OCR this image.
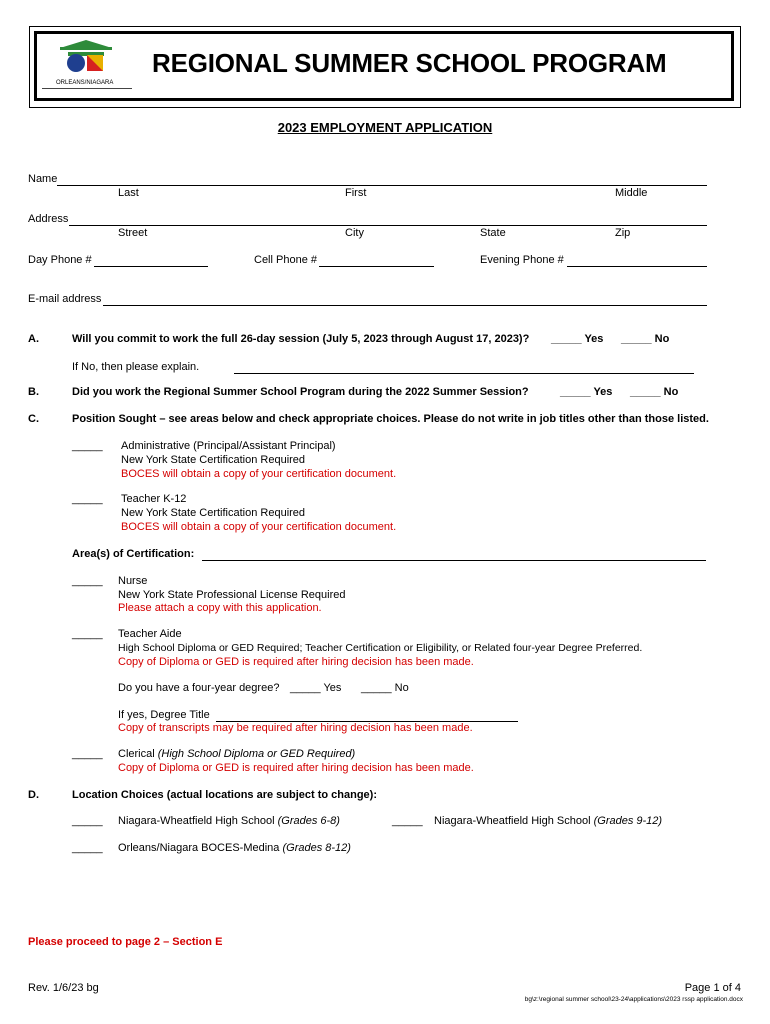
ORLEANS/NIAGARA
REGIONAL SUMMER SCHOOL PROGRAM
2023 EMPLOYMENT APPLICATION
Name
Last	First	Middle
Address
Street	City	State	Zip
Day Phone #	Cell Phone #	Evening Phone #
E-mail address
A.	Will you commit to work the full 26-day session (July 5, 2023 through August 17, 2023)? _____ Yes _____ No
If No, then please explain.
B.	Did you work the Regional Summer School Program during the 2022 Summer Session?	_____ Yes _____ No
C.	Position Sought – see areas below and check appropriate choices. Please do not write in job titles other than those listed.
_____ Administrative (Principal/Assistant Principal)
New York State Certification Required
BOCES will obtain a copy of your certification document.
_____ Teacher K-12
New York State Certification Required
BOCES will obtain a copy of your certification document.
Area(s) of Certification:
_____ Nurse
New York State Professional License Required
Please attach a copy with this application.
_____ Teacher Aide
High School Diploma or GED Required; Teacher Certification or Eligibility, or Related four-year Degree Preferred.
Copy of Diploma or GED is required after hiring decision has been made.
Do you have a four-year degree? _____ Yes _____ No
If yes, Degree Title
Copy of transcripts may be required after hiring decision has been made.
_____ Clerical (High School Diploma or GED Required)
Copy of Diploma or GED is required after hiring decision has been made.
D.	Location Choices (actual locations are subject to change):
_____ Niagara-Wheatfield High School (Grades 6-8)	_____ Niagara-Wheatfield High School (Grades 9-12)
_____ Orleans/Niagara BOCES-Medina (Grades 8-12)
Please proceed to page 2 – Section E
Rev. 1/6/23 bg	Page 1 of 4
bg\z:\regional summer school\23-24\applications\2023 rssp application.docx
